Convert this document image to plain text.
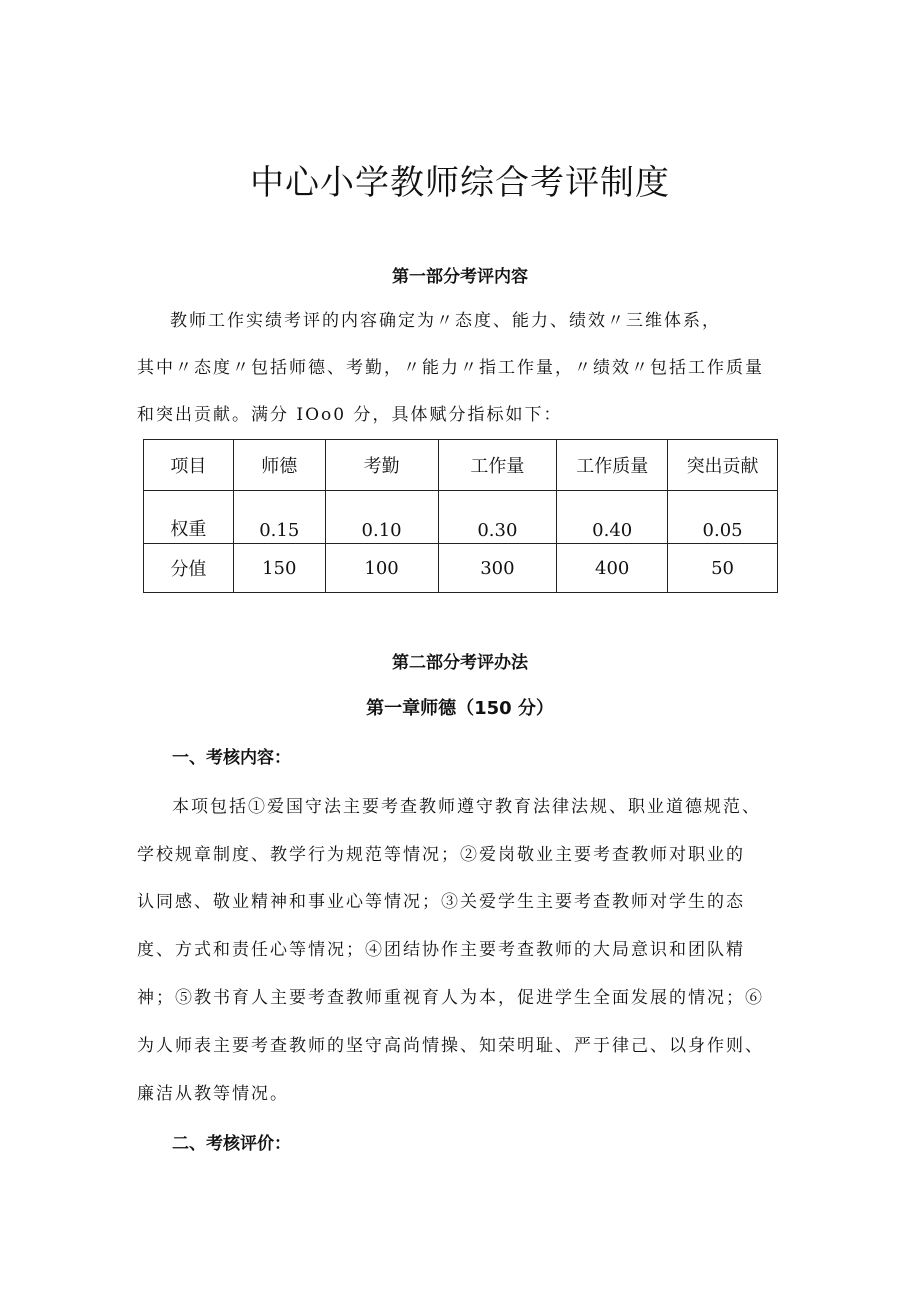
中心小学教师综合考评制度
第一部分考评内容

教师工作实绩考评的内容确定为〃态度、能力、绩效〃三维体系，

其中〃态度〃包括师德、考勤，〃能力〃指工作量，〃绩效〃包括工作质量

和突出贡献。满分 IOo0 分，具体赋分指标如下：

项目	师德	考勤	工作量	工作质量	突出贡献
权重	0.15	0.10	0.30	0.40	0.05
分值	150	100	300	400	50
第二部分考评办法
第一章师德（150 分）
一、考核内容：

本项包括①爱国守法主要考查教师遵守教育法律法规、职业道德规范、

学校规章制度、教学行为规范等情况；②爱岗敬业主要考查教师对职业的

认同感、敬业精神和事业心等情况；③关爱学生主要考查教师对学生的态

度、方式和责任心等情况；④团结协作主要考查教师的大局意识和团队精

神；⑤教书育人主要考查教师重视育人为本，促进学生全面发展的情况；⑥

为人师表主要考查教师的坚守高尚情操、知荣明耻、严于律己、以身作则、

廉洁从教等情况。

二、考核评价：
